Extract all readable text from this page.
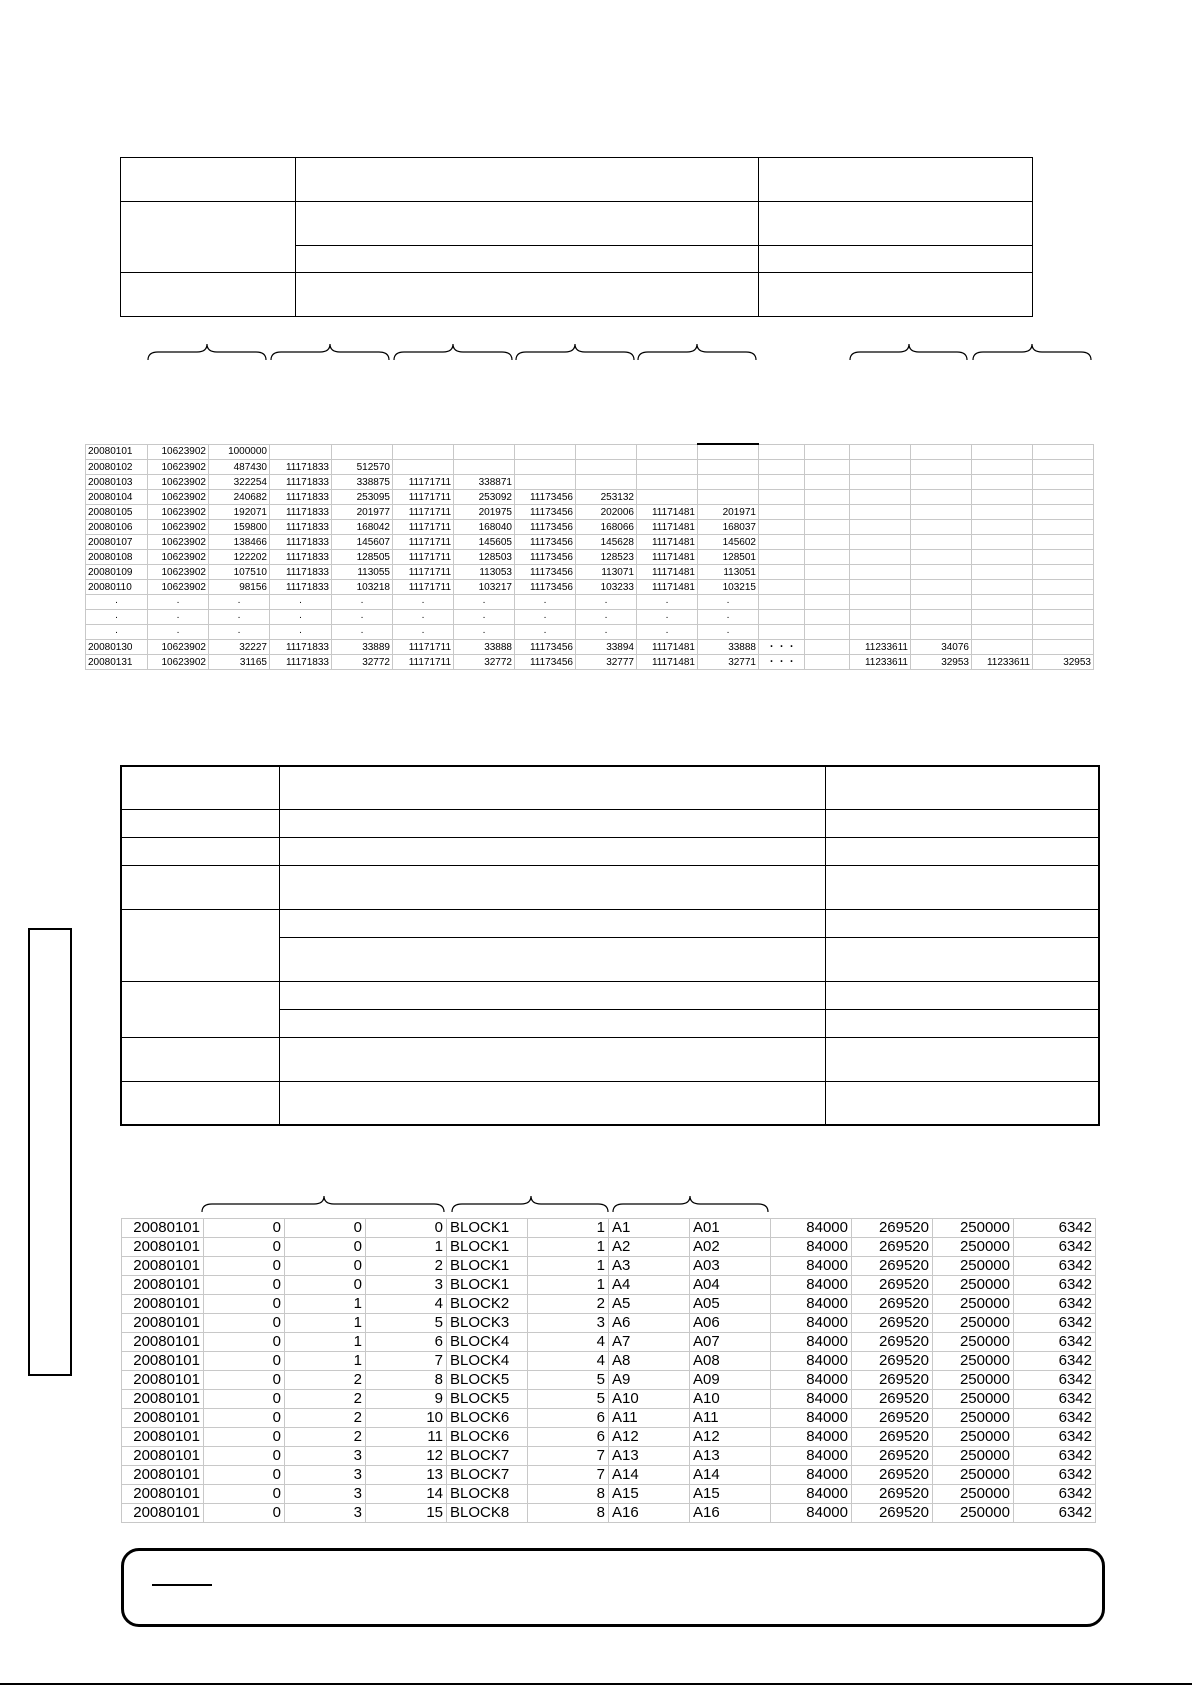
20080101	10623902	1000000														
20080102	10623902	487430	11171833	512570												
20080103	10623902	322254	11171833	338875	11171711	338871										
20080104	10623902	240682	11171833	253095	11171711	253092	11173456	253132								
20080105	10623902	192071	11171833	201977	11171711	201975	11173456	202006	11171481	201971						
20080106	10623902	159800	11171833	168042	11171711	168040	11173456	168066	11171481	168037						
20080107	10623902	138466	11171833	145607	11171711	145605	11173456	145628	11171481	145602						
20080108	10623902	122202	11171833	128505	11171711	128503	11173456	128523	11171481	128501						
20080109	10623902	107510	11171833	113055	11171711	113053	11173456	113071	11171481	113051						
20080110	10623902	98156	11171833	103218	11171711	103217	11173456	103233	11171481	103215						
·	·	·	·	·	·	·	·	·	·	·						
·	·	·	·	·	·	·	·	·	·	·						
·	·	·	·	·	·	·	·	·	·	·						
20080130	10623902	32227	11171833	33889	11171711	33888	11173456	33894	11171481	33888	・・・		11233611	34076		
20080131	10623902	31165	11171833	32772	11171711	32772	11173456	32777	11171481	32771	・・・		11233611	32953	11233611	32953

20080101	0	0	0	BLOCK1	1	A1	A01	84000	269520	250000	6342
20080101	0	0	1	BLOCK1	1	A2	A02	84000	269520	250000	6342
20080101	0	0	2	BLOCK1	1	A3	A03	84000	269520	250000	6342
20080101	0	0	3	BLOCK1	1	A4	A04	84000	269520	250000	6342
20080101	0	1	4	BLOCK2	2	A5	A05	84000	269520	250000	6342
20080101	0	1	5	BLOCK3	3	A6	A06	84000	269520	250000	6342
20080101	0	1	6	BLOCK4	4	A7	A07	84000	269520	250000	6342
20080101	0	1	7	BLOCK4	4	A8	A08	84000	269520	250000	6342
20080101	0	2	8	BLOCK5	5	A9	A09	84000	269520	250000	6342
20080101	0	2	9	BLOCK5	5	A10	A10	84000	269520	250000	6342
20080101	0	2	10	BLOCK6	6	A11	A11	84000	269520	250000	6342
20080101	0	2	11	BLOCK6	6	A12	A12	84000	269520	250000	6342
20080101	0	3	12	BLOCK7	7	A13	A13	84000	269520	250000	6342
20080101	0	3	13	BLOCK7	7	A14	A14	84000	269520	250000	6342
20080101	0	3	14	BLOCK8	8	A15	A15	84000	269520	250000	6342
20080101	0	3	15	BLOCK8	8	A16	A16	84000	269520	250000	6342
